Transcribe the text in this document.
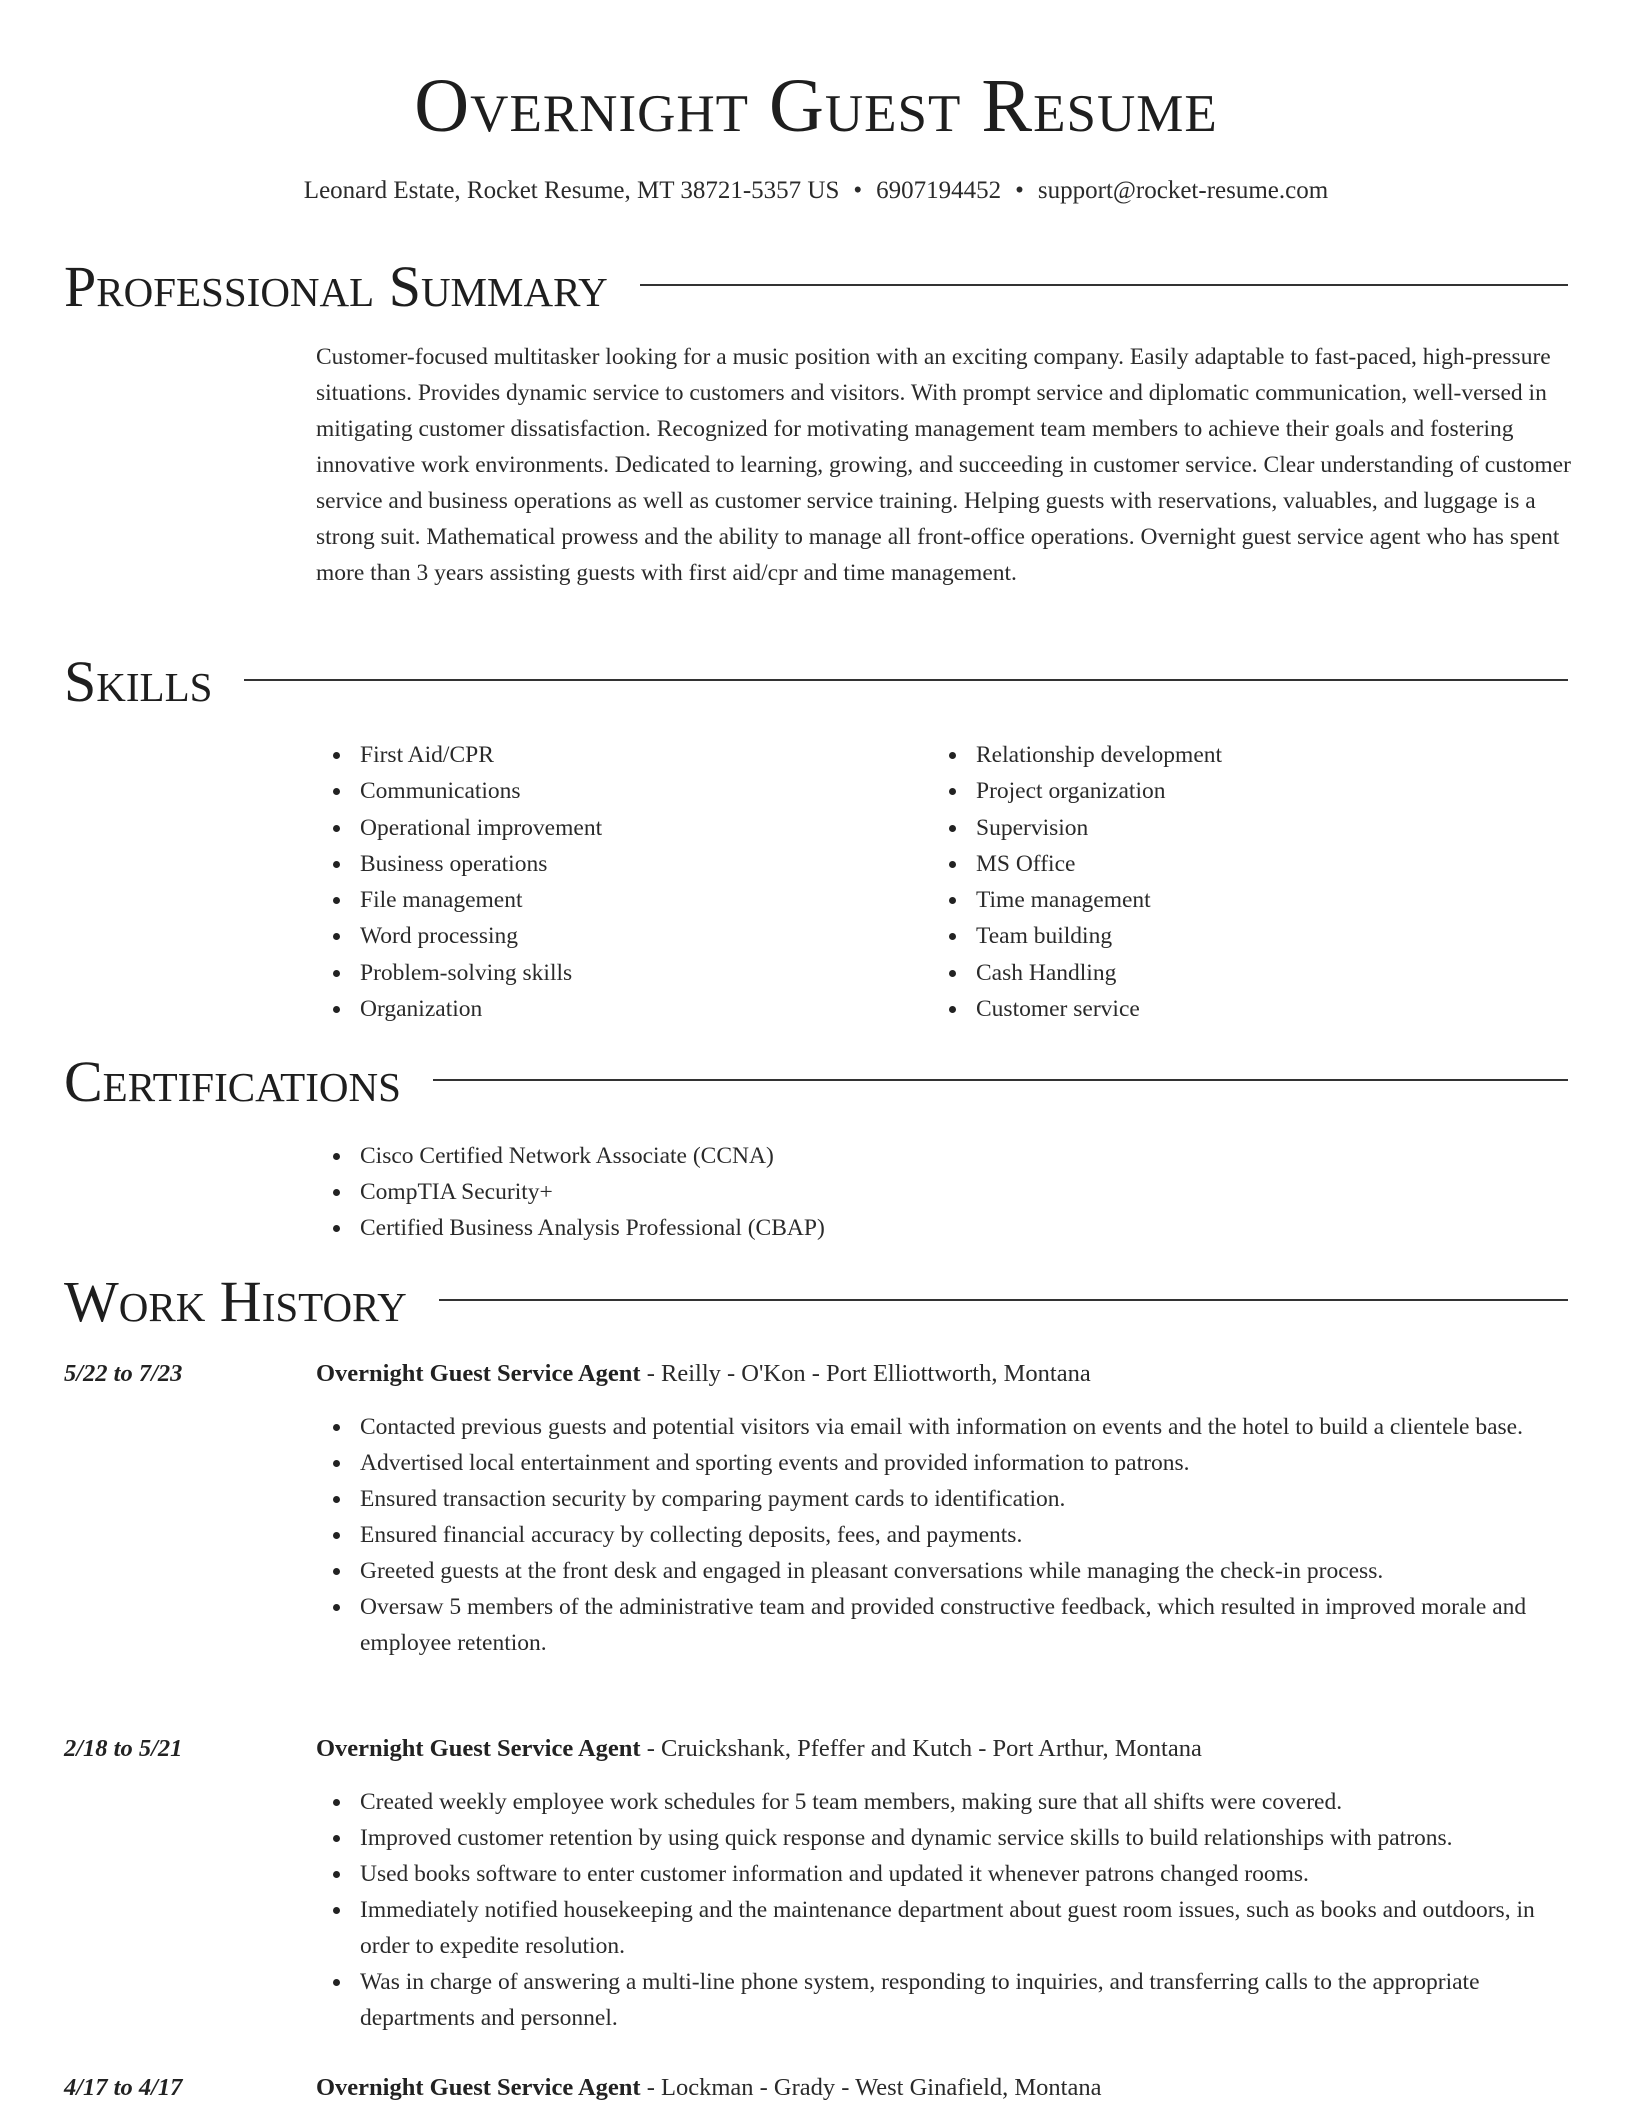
Overnight Guest Resume
Leonard Estate, Rocket Resume, MT 38721-5357 US • 6907194452 • support@rocket-resume.com
Professional Summary

Customer-focused multitasker looking for a music position with an exciting company. Easily adaptable to fast-paced, high-pressure situations. Provides dynamic service to customers and visitors. With prompt service and diplomatic communication, well-versed in mitigating customer dissatisfaction. Recognized for motivating management team members to achieve their goals and fostering innovative work environments. Dedicated to learning, growing, and succeeding in customer service. Clear understanding of customer service and business operations as well as customer service training. Helping guests with reservations, valuables, and luggage is a strong suit. Mathematical prowess and the ability to manage all front-office operations. Overnight guest service agent who has spent more than 3 years assisting guests with first aid/cpr and time management.

Skills
First Aid/CPR
Communications
Operational improvement
Business operations
File management
Word processing
Problem-solving skills
Organization
Relationship development
Project organization
Supervision
MS Office
Time management
Team building
Cash Handling
Customer service
Certifications
Cisco Certified Network Associate (CCNA)
CompTIA Security+
Certified Business Analysis Professional (CBAP)
Work History
5/22 to 7/23	Overnight Guest Service Agent - Reilly - O'Kon - Port Elliottworth, Montana
Contacted previous guests and potential visitors via email with information on events and the hotel to build a clientele base.
Advertised local entertainment and sporting events and provided information to patrons.
Ensured transaction security by comparing payment cards to identification.
Ensured financial accuracy by collecting deposits, fees, and payments.
Greeted guests at the front desk and engaged in pleasant conversations while managing the check-in process.
Oversaw 5 members of the administrative team and provided constructive feedback, which resulted in improved morale and employee retention.
2/18 to 5/21	Overnight Guest Service Agent - Cruickshank, Pfeffer and Kutch - Port Arthur, Montana
Created weekly employee work schedules for 5 team members, making sure that all shifts were covered.
Improved customer retention by using quick response and dynamic service skills to build relationships with patrons.
Used books software to enter customer information and updated it whenever patrons changed rooms.
Immediately notified housekeeping and the maintenance department about guest room issues, such as books and outdoors, in order to expedite resolution.
Was in charge of answering a multi-line phone system, responding to inquiries, and transferring calls to the appropriate departments and personnel.
4/17 to 4/17	Overnight Guest Service Agent - Lockman - Grady - West Ginafield, Montana
